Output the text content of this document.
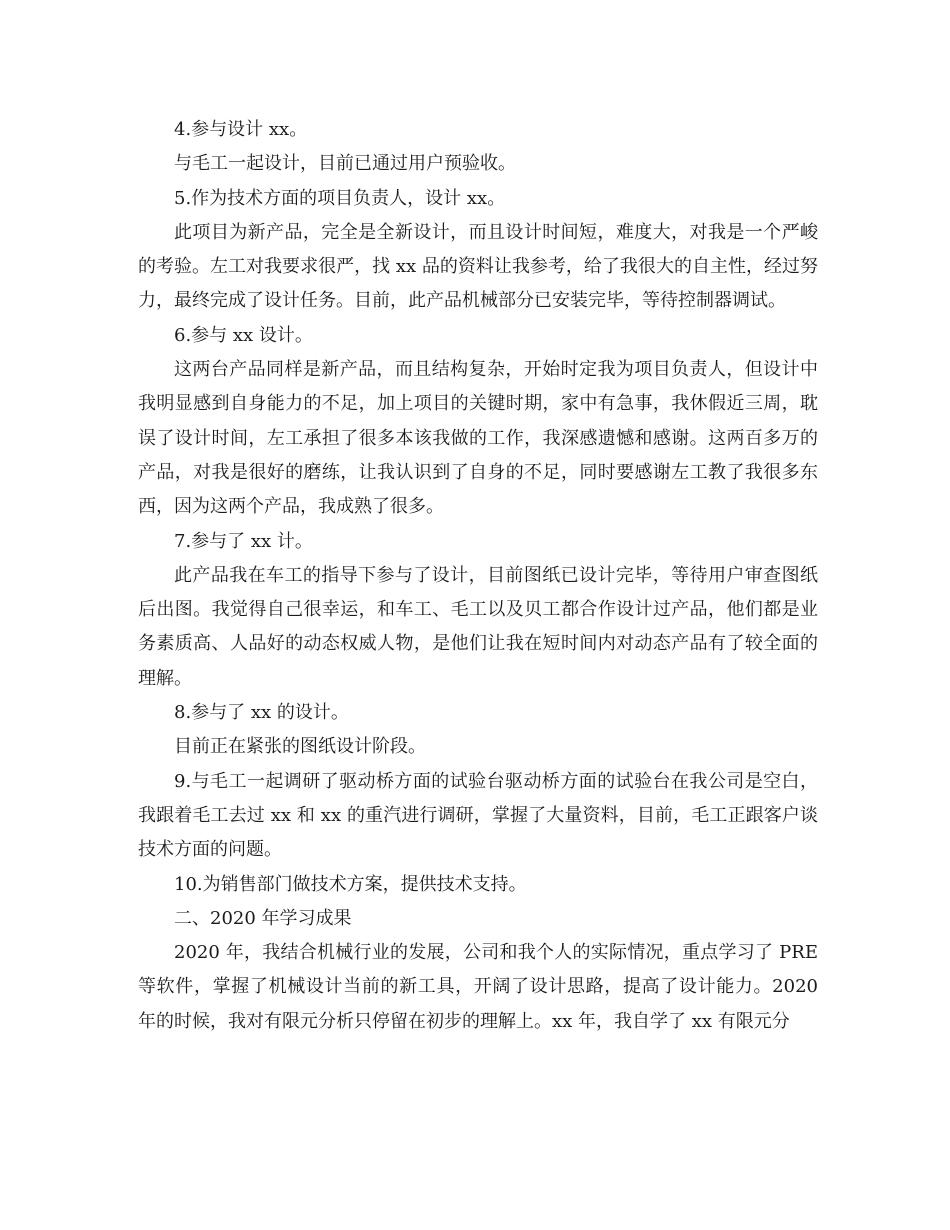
4.参与设计 xx。

与毛工一起设计，目前已通过用户预验收。

5.作为技术方面的项目负责人，设计 xx。

此项目为新产品，完全是全新设计，而且设计时间短，难度大，对我是一个严峻的考验。左工对我要求很严，找 xx 品的资料让我参考，给了我很大的自主性，经过努力，最终完成了设计任务。目前，此产品机械部分已安装完毕，等待控制器调试。

6.参与 xx 设计。

这两台产品同样是新产品，而且结构复杂，开始时定我为项目负责人，但设计中我明显感到自身能力的不足，加上项目的关键时期，家中有急事，我休假近三周，耽误了设计时间，左工承担了很多本该我做的工作，我深感遗憾和感谢。这两百多万的产品，对我是很好的磨练，让我认识到了自身的不足，同时要感谢左工教了我很多东西，因为这两个产品，我成熟了很多。

7.参与了 xx 计。

此产品我在车工的指导下参与了设计，目前图纸已设计完毕，等待用户审查图纸后出图。我觉得自己很幸运，和车工、毛工以及贝工都合作设计过产品，他们都是业务素质高、人品好的动态权威人物，是他们让我在短时间内对动态产品有了较全面的理解。

8.参与了 xx 的设计。

目前正在紧张的图纸设计阶段。

9.与毛工一起调研了驱动桥方面的试验台驱动桥方面的试验台在我公司是空白，我跟着毛工去过 xx 和 xx 的重汽进行调研，掌握了大量资料，目前，毛工正跟客户谈技术方面的问题。

10.为销售部门做技术方案，提供技术支持。

二、2020 年学习成果

2020 年，我结合机械行业的发展，公司和我个人的实际情况，重点学习了 PRE 等软件，掌握了机械设计当前的新工具，开阔了设计思路，提高了设计能力。2020 年的时候，我对有限元分析只停留在初步的理解上。xx 年，我自学了 xx 有限元分
